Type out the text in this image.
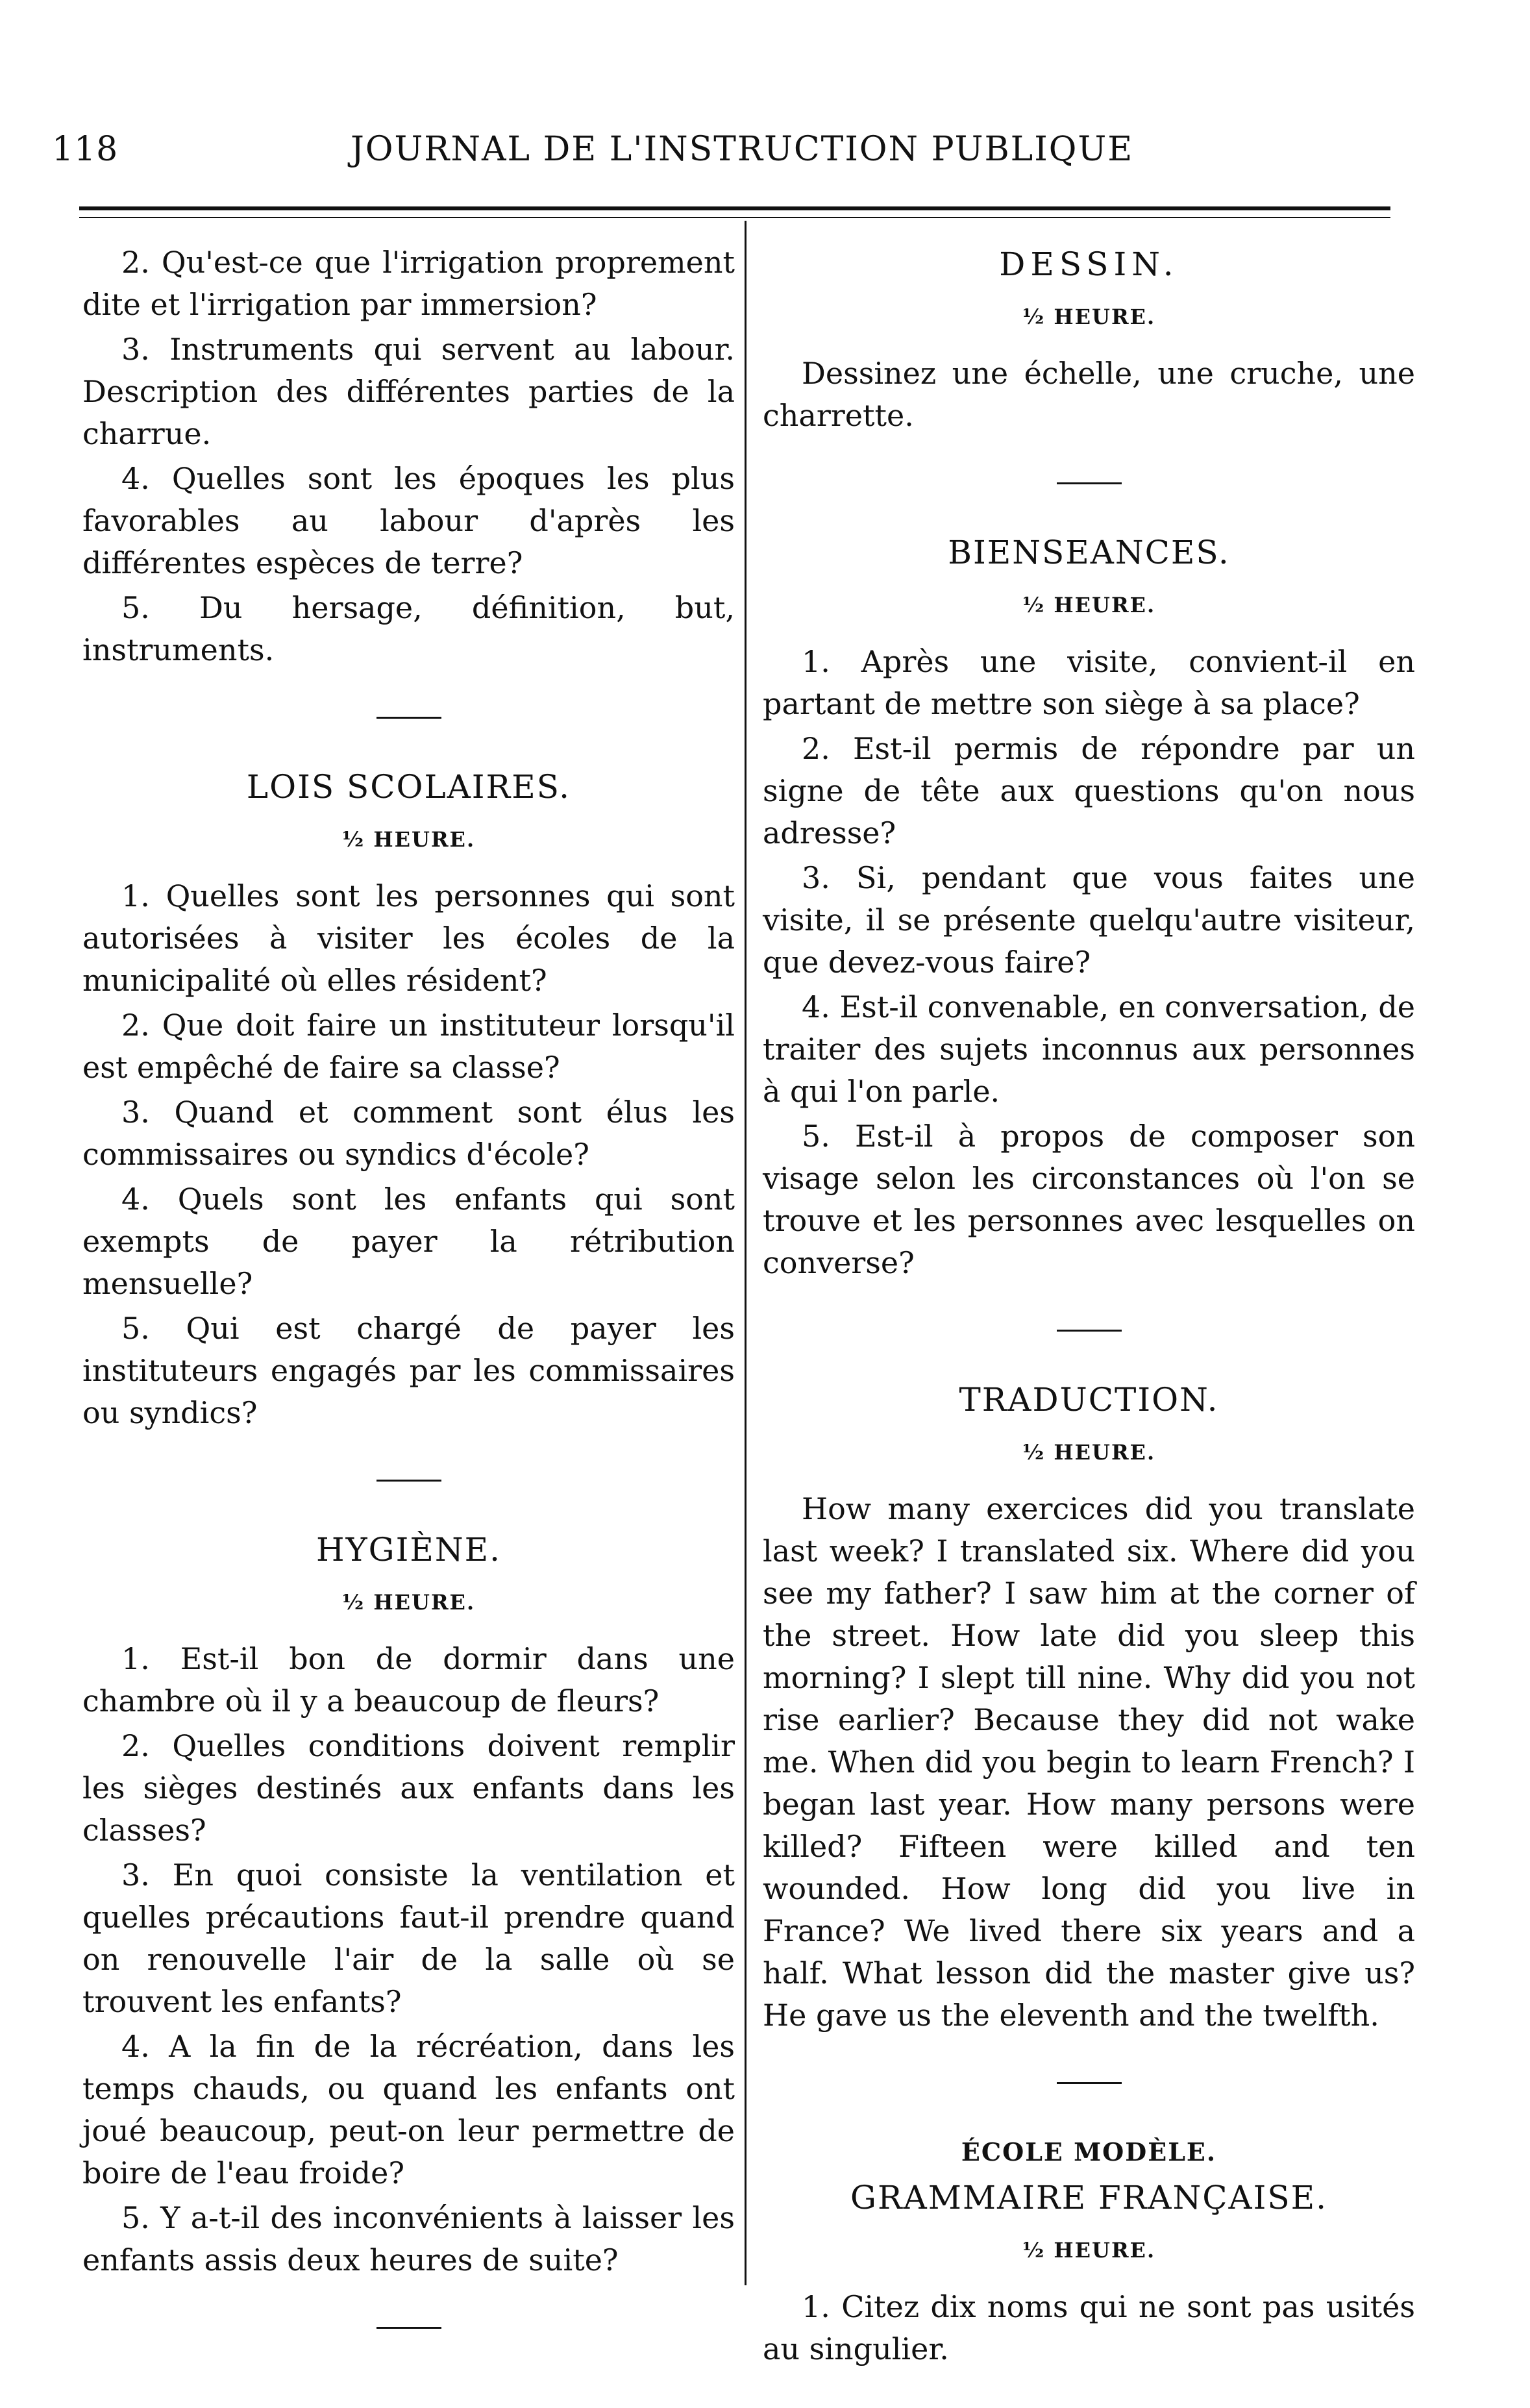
118	JOURNAL DE L'INSTRUCTION PUBLIQUE

2. Qu'est-ce que l'irrigation proprement dite et l'irrigation par immersion?

3. Instruments qui servent au labour. Description des différentes parties de la charrue.

4. Quelles sont les époques les plus favorables au labour d'après les différentes espèces de terre?

5. Du hersage, définition, but, instruments.

LOIS SCOLAIRES.
½ HEURE.

1. Quelles sont les personnes qui sont autorisées à visiter les écoles de la municipalité où elles résident?

2. Que doit faire un instituteur lorsqu'il est empêché de faire sa classe?

3. Quand et comment sont élus les commissaires ou syndics d'école?

4. Quels sont les enfants qui sont exempts de payer la rétribution mensuelle?

5. Qui est chargé de payer les instituteurs engagés par les commissaires ou syndics?

HYGIÈNE.
½ HEURE.

1. Est-il bon de dormir dans une chambre où il y a beaucoup de fleurs?

2. Quelles conditions doivent remplir les sièges destinés aux enfants dans les classes?

3. En quoi consiste la ventilation et quelles précautions faut-il prendre quand on renouvelle l'air de la salle où se trouvent les enfants?

4. A la fin de la récréation, dans les temps chauds, ou quand les enfants ont joué beaucoup, peut-on leur permettre de boire de l'eau froide?

5. Y a-t-il des inconvénients à laisser les enfants assis deux heures de suite?

DESSIN.
½ HEURE.

Dessinez une échelle, une cruche, une charrette.

BIENSEANCES.
½ HEURE.

1. Après une visite, convient-il en partant de mettre son siège à sa place?

2. Est-il permis de répondre par un signe de tête aux questions qu'on nous adresse?

3. Si, pendant que vous faites une visite, il se présente quelqu'autre visiteur, que devez-vous faire?

4. Est-il convenable, en conversation, de traiter des sujets inconnus aux personnes à qui l'on parle.

5. Est-il à propos de composer son visage selon les circonstances où l'on se trouve et les personnes avec lesquelles on converse?

TRADUCTION.
½ HEURE.

How many exercices did you translate last week? I translated six. Where did you see my father? I saw him at the corner of the street. How late did you sleep this morning? I slept till nine. Why did you not rise earlier? Because they did not wake me. When did you begin to learn French? I began last year. How many persons were killed? Fifteen were killed and ten wounded. How long did you live in France? We lived there six years and a half. What lesson did the master give us? He gave us the eleventh and the twelfth.

ÉCOLE MODÈLE.
GRAMMAIRE FRANÇAISE.
½ HEURE.

1. Citez dix noms qui ne sont pas usités au singulier.
